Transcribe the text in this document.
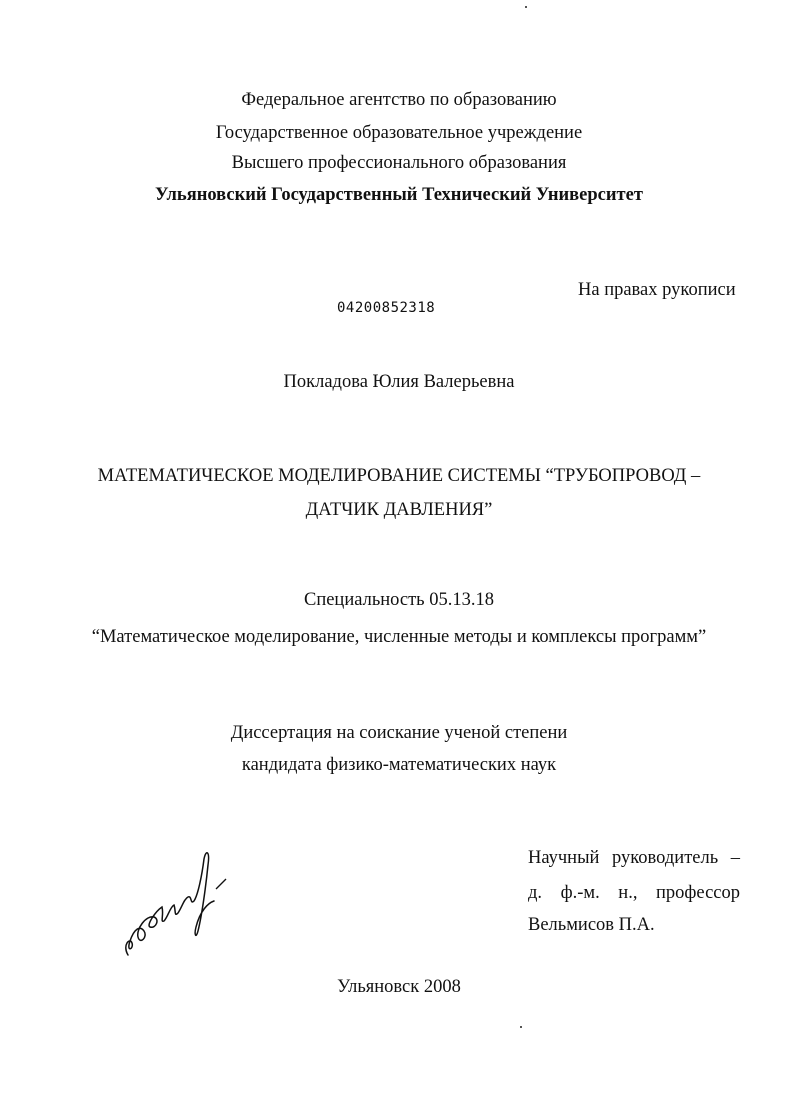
Федеральное агентство по образованию
Государственное образовательное учреждение
Высшего профессионального образования
Ульяновский Государственный Технический Университет
04200852318
На правах рукописи
Покладова Юлия Валерьевна
МАТЕМАТИЧЕСКОЕ МОДЕЛИРОВАНИЕ СИСТЕМЫ “ТРУБОПРОВОД –
ДАТЧИК ДАВЛЕНИЯ”
Специальность 05.13.18
“Математическое моделирование, численные методы и комплексы программ”
Диссертация на соискание ученой степени
кандидата физико-математических наук
Научный руководитель –
д. ф.-м. н., профессор
Вельмисов П.А.
Ульяновск 2008
